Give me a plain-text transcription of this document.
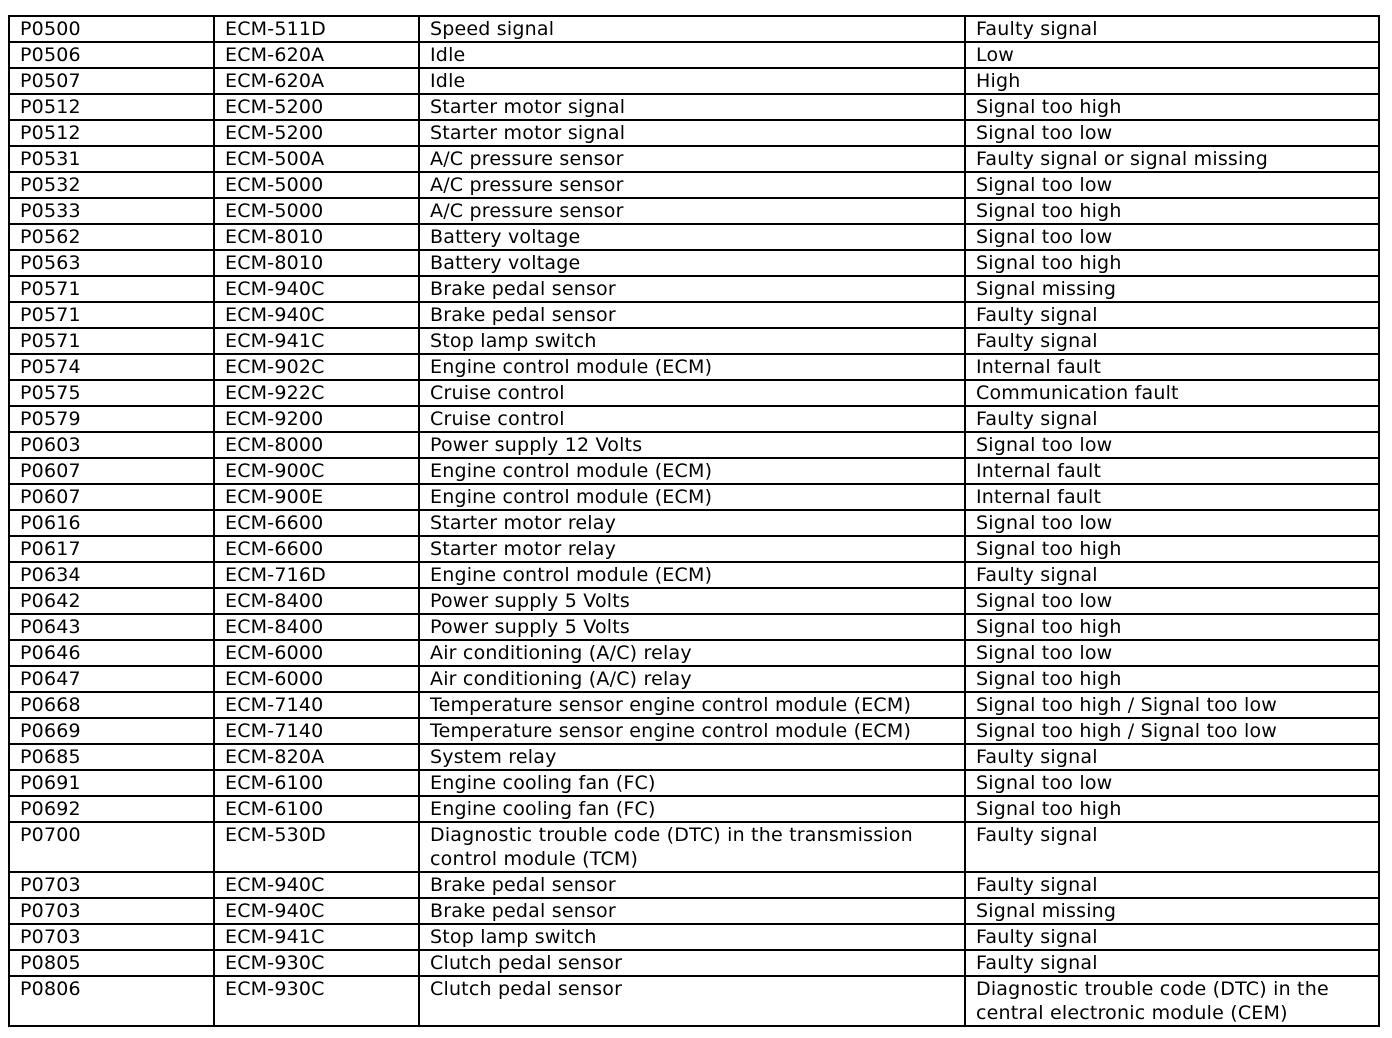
P0500	ECM-511D	Speed signal	Faulty signal
P0506	ECM-620A	Idle	Low
P0507	ECM-620A	Idle	High
P0512	ECM-5200	Starter motor signal	Signal too high
P0512	ECM-5200	Starter motor signal	Signal too low
P0531	ECM-500A	A/C pressure sensor	Faulty signal or signal missing
P0532	ECM-5000	A/C pressure sensor	Signal too low
P0533	ECM-5000	A/C pressure sensor	Signal too high
P0562	ECM-8010	Battery voltage	Signal too low
P0563	ECM-8010	Battery voltage	Signal too high
P0571	ECM-940C	Brake pedal sensor	Signal missing
P0571	ECM-940C	Brake pedal sensor	Faulty signal
P0571	ECM-941C	Stop lamp switch	Faulty signal
P0574	ECM-902C	Engine control module (ECM)	Internal fault
P0575	ECM-922C	Cruise control	Communication fault
P0579	ECM-9200	Cruise control	Faulty signal
P0603	ECM-8000	Power supply 12 Volts	Signal too low
P0607	ECM-900C	Engine control module (ECM)	Internal fault
P0607	ECM-900E	Engine control module (ECM)	Internal fault
P0616	ECM-6600	Starter motor relay	Signal too low
P0617	ECM-6600	Starter motor relay	Signal too high
P0634	ECM-716D	Engine control module (ECM)	Faulty signal
P0642	ECM-8400	Power supply 5 Volts	Signal too low
P0643	ECM-8400	Power supply 5 Volts	Signal too high
P0646	ECM-6000	Air conditioning (A/C) relay	Signal too low
P0647	ECM-6000	Air conditioning (A/C) relay	Signal too high
P0668	ECM-7140	Temperature sensor engine control module (ECM)	Signal too high / Signal too low
P0669	ECM-7140	Temperature sensor engine control module (ECM)	Signal too high / Signal too low
P0685	ECM-820A	System relay	Faulty signal
P0691	ECM-6100	Engine cooling fan (FC)	Signal too low
P0692	ECM-6100	Engine cooling fan (FC)	Signal too high
P0700	ECM-530D	Diagnostic trouble code (DTC) in the transmission control module (TCM)	Faulty signal
P0703	ECM-940C	Brake pedal sensor	Faulty signal
P0703	ECM-940C	Brake pedal sensor	Signal missing
P0703	ECM-941C	Stop lamp switch	Faulty signal
P0805	ECM-930C	Clutch pedal sensor	Faulty signal
P0806	ECM-930C	Clutch pedal sensor	Diagnostic trouble code (DTC) in the central electronic module (CEM)
